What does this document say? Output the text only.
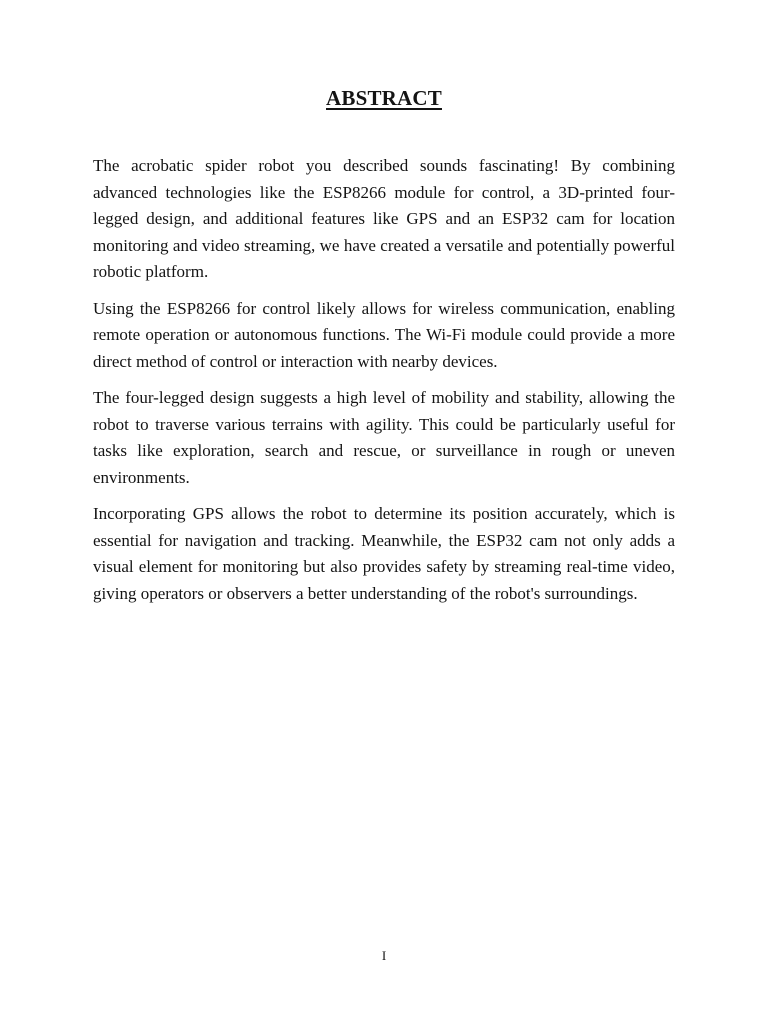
ABSTRACT

The acrobatic spider robot you described sounds fascinating! By combining advanced technologies like the ESP8266 module for control, a 3D-printed four-legged design, and additional features like GPS and an ESP32 cam for location monitoring and video streaming, we have created a versatile and potentially powerful robotic platform.

Using the ESP8266 for control likely allows for wireless communication, enabling remote operation or autonomous functions. The Wi-Fi module could provide a more direct method of control or interaction with nearby devices.

The four-legged design suggests a high level of mobility and stability, allowing the robot to traverse various terrains with agility. This could be particularly useful for tasks like exploration, search and rescue, or surveillance in rough or uneven environments.

Incorporating GPS allows the robot to determine its position accurately, which is essential for navigation and tracking. Meanwhile, the ESP32 cam not only adds a visual element for monitoring but also provides safety by streaming real-time video, giving operators or observers a better understanding of the robot's surroundings.

I
